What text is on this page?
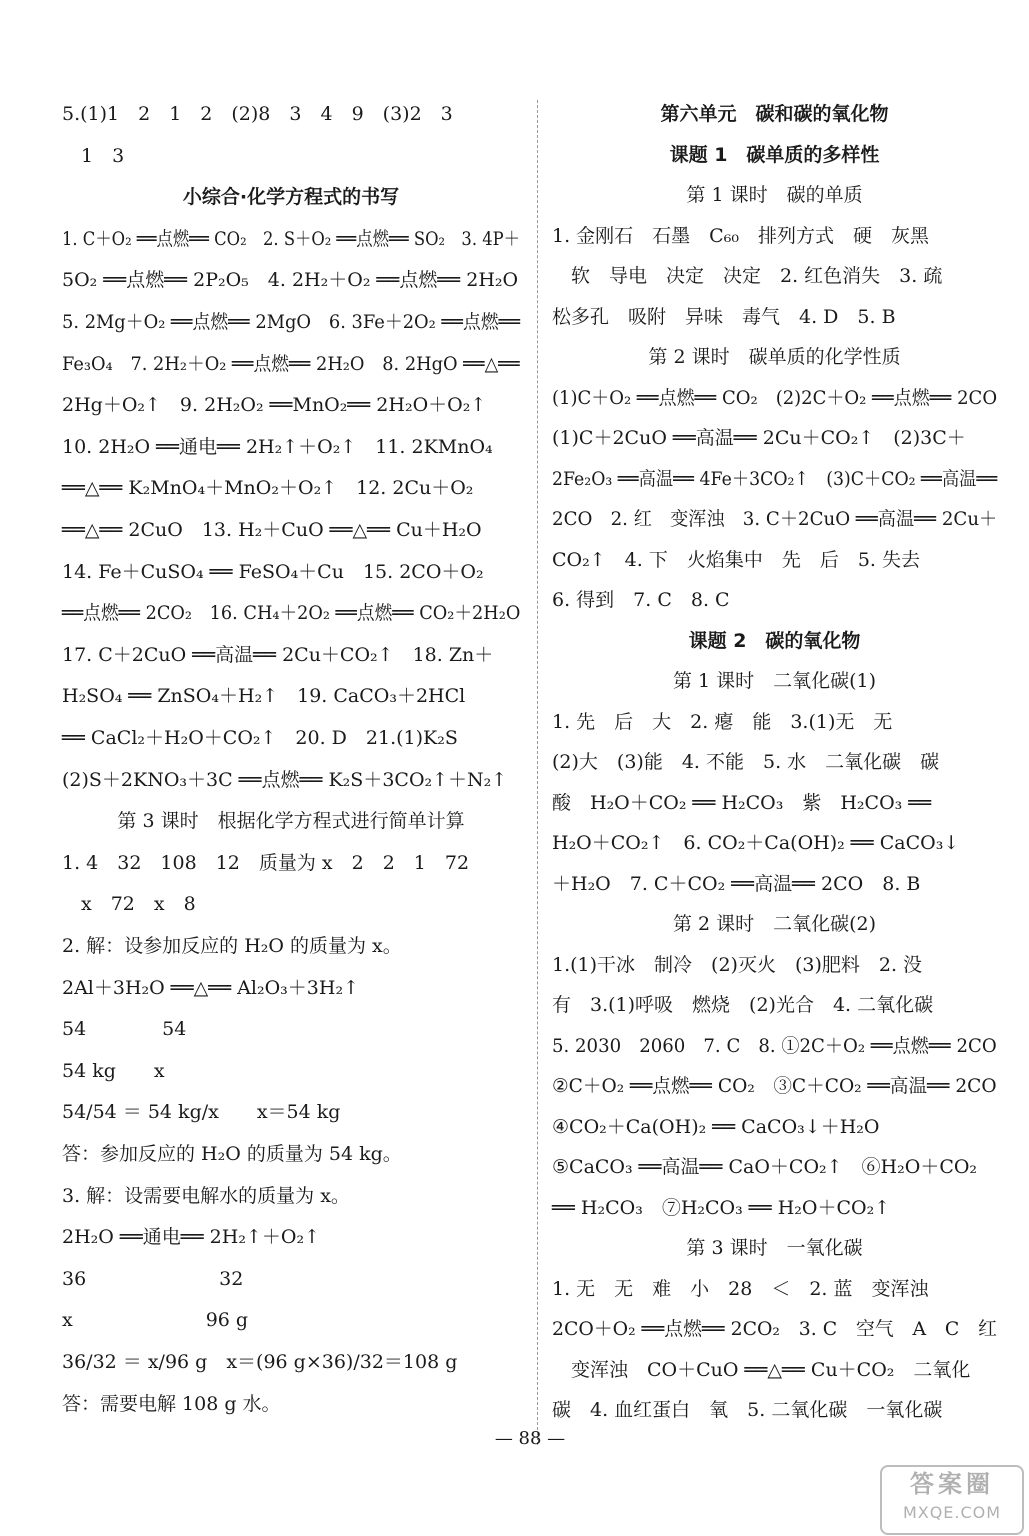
5.(1)1　2　1　2　(2)8　3　4　9　(3)2　3
　1　3
小综合·化学方程式的书写
1. C＋O₂ ══点燃══ CO₂　2. S＋O₂ ══点燃══ SO₂　3. 4P＋
5O₂ ══点燃══ 2P₂O₅　4. 2H₂＋O₂ ══点燃══ 2H₂O
5. 2Mg＋O₂ ══点燃══ 2MgO　6. 3Fe＋2O₂ ══点燃══
Fe₃O₄　7. 2H₂＋O₂ ══点燃══ 2H₂O　8. 2HgO ══△══
2Hg＋O₂↑　9. 2H₂O₂ ══MnO₂══ 2H₂O＋O₂↑
10. 2H₂O ══通电══ 2H₂↑＋O₂↑　11. 2KMnO₄
══△══ K₂MnO₄＋MnO₂＋O₂↑　12. 2Cu＋O₂
══△══ 2CuO　13. H₂＋CuO ══△══ Cu＋H₂O
14. Fe＋CuSO₄ ══ FeSO₄＋Cu　15. 2CO＋O₂
══点燃══ 2CO₂　16. CH₄＋2O₂ ══点燃══ CO₂＋2H₂O
17. C＋2CuO ══高温══ 2Cu＋CO₂↑　18. Zn＋
H₂SO₄ ══ ZnSO₄＋H₂↑　19. CaCO₃＋2HCl
══ CaCl₂＋H₂O＋CO₂↑　20. D　21.(1)K₂S
(2)S＋2KNO₃＋3C ══点燃══ K₂S＋3CO₂↑＋N₂↑
第 3 课时　根据化学方程式进行简单计算
1. 4　32　108　12　质量为 x　2　2　1　72
　x　72　x　8
2. 解：设参加反应的 H₂O 的质量为 x。
2Al＋3H₂O ══△══ Al₂O₃＋3H₂↑
54　　　　54
54 kg　　x
54/54 ＝ 54 kg/x　　x＝54 kg
答：参加反应的 H₂O 的质量为 54 kg。
3. 解：设需要电解水的质量为 x。
2H₂O ══通电══ 2H₂↑＋O₂↑
36　　　　　　　32
x　　　　　　　96 g
36/32 ＝ x/96 g　x＝(96 g×36)/32＝108 g
答：需要电解 108 g 水。
第六单元　碳和碳的氧化物
课题 1　碳单质的多样性
第 1 课时　碳的单质
1. 金刚石　石墨　C₆₀　排列方式　硬　灰黑
　软　导电　决定　决定　2. 红色消失　3. 疏
松多孔　吸附　异味　毒气　4. D　5. B
第 2 课时　碳单质的化学性质
(1)C＋O₂ ══点燃══ CO₂　(2)2C＋O₂ ══点燃══ 2CO
(1)C＋2CuO ══高温══ 2Cu＋CO₂↑　(2)3C＋
2Fe₂O₃ ══高温══ 4Fe＋3CO₂↑　(3)C＋CO₂ ══高温══
2CO　2. 红　变浑浊　3. C＋2CuO ══高温══ 2Cu＋
CO₂↑　4. 下　火焰集中　先　后　5. 失去
6. 得到　7. C　8. C
课题 2　碳的氧化物
第 1 课时　二氧化碳(1)
1. 先　后　大　2. 瘪　能　3.(1)无　无
(2)大　(3)能　4. 不能　5. 水　二氧化碳　碳
酸　H₂O＋CO₂ ══ H₂CO₃　紫　H₂CO₃ ══
H₂O＋CO₂↑　6. CO₂＋Ca(OH)₂ ══ CaCO₃↓
＋H₂O　7. C＋CO₂ ══高温══ 2CO　8. B
第 2 课时　二氧化碳(2)
1.(1)干冰　制冷　(2)灭火　(3)肥料　2. 没
有　3.(1)呼吸　燃烧　(2)光合　4. 二氧化碳
5. 2030　2060　7. C　8. ①2C＋O₂ ══点燃══ 2CO
②C＋O₂ ══点燃══ CO₂　③C＋CO₂ ══高温══ 2CO
④CO₂＋Ca(OH)₂ ══ CaCO₃↓＋H₂O
⑤CaCO₃ ══高温══ CaO＋CO₂↑　⑥H₂O＋CO₂
══ H₂CO₃　⑦H₂CO₃ ══ H₂O＋CO₂↑
第 3 课时　一氧化碳
1. 无　无　难　小　28　＜　2. 蓝　变浑浊
2CO＋O₂ ══点燃══ 2CO₂　3. C　空气　A　C　红
　变浑浊　CO＋CuO ══△══ Cu＋CO₂　二氧化
碳　4. 血红蛋白　氧　5. 二氧化碳　一氧化碳
— 88 —
答案圈
MXQE.COM
